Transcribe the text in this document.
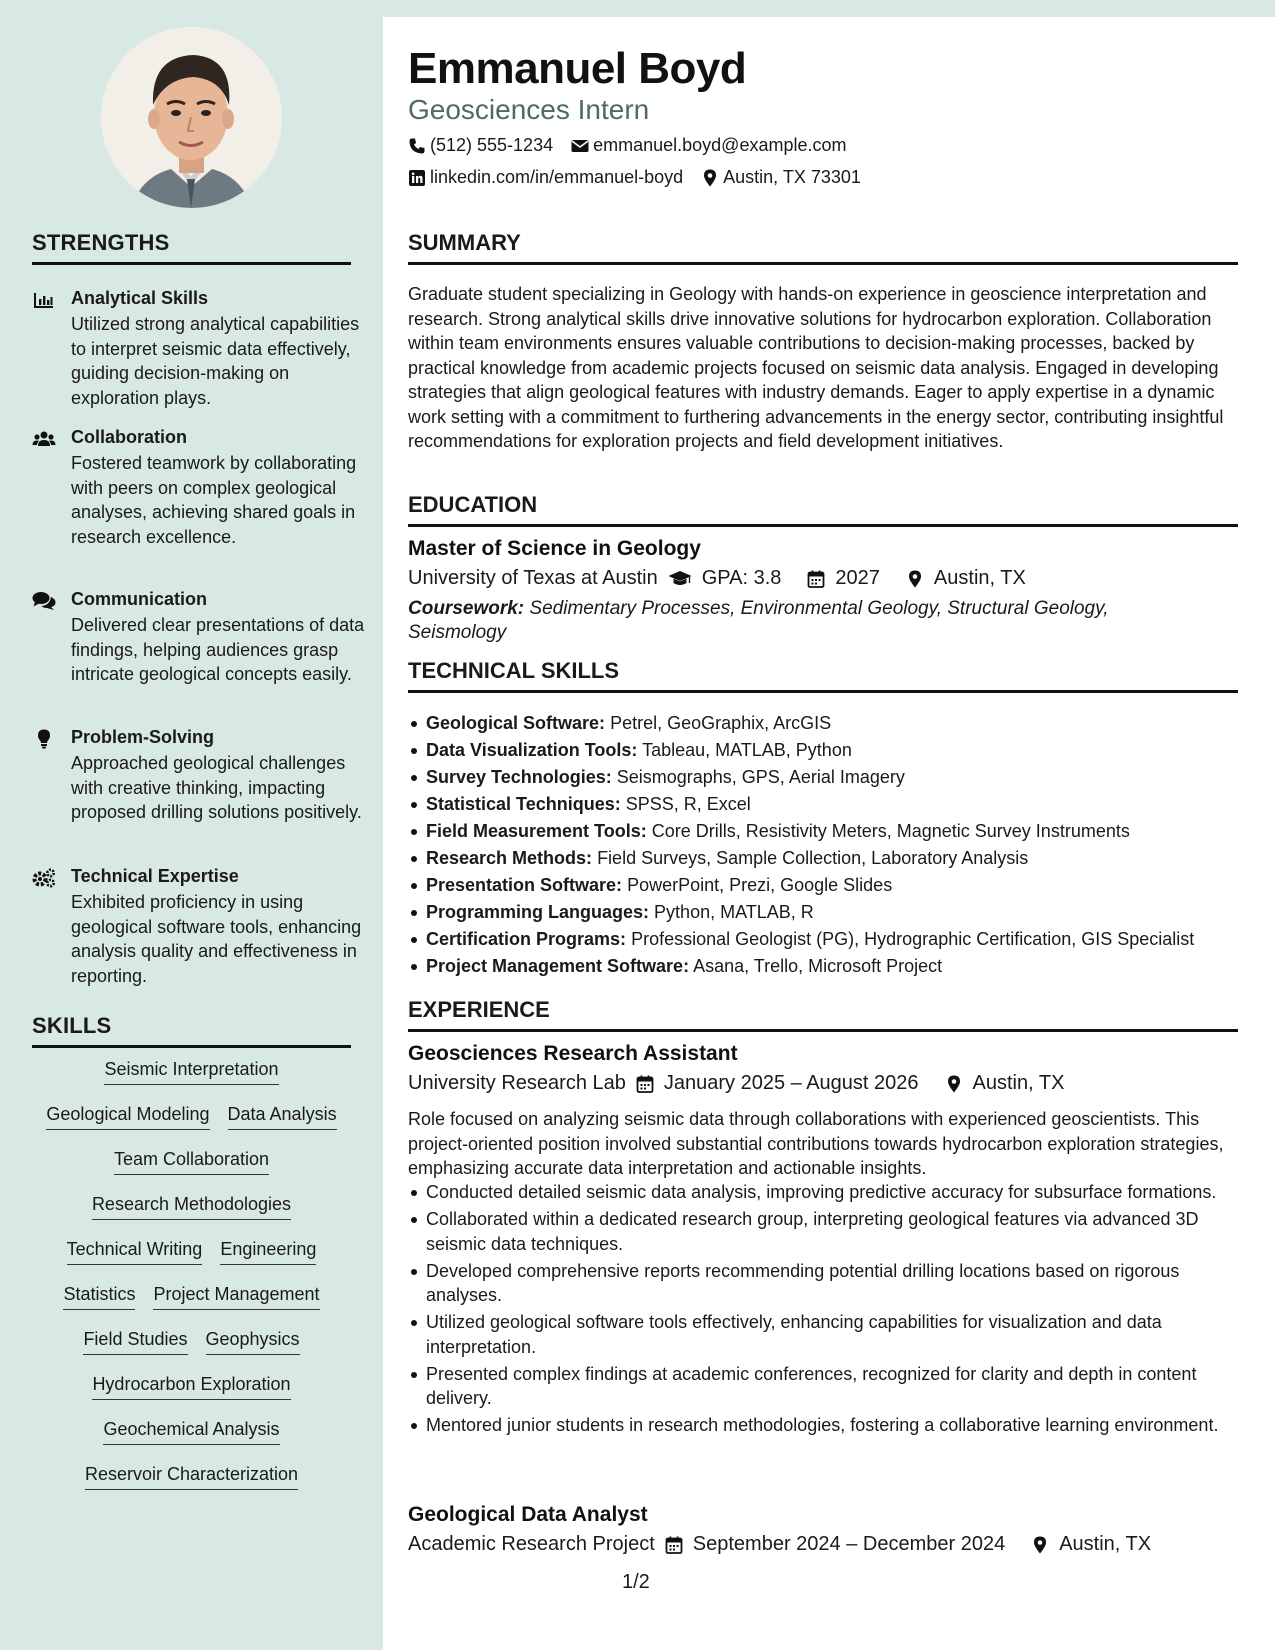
STRENGTHS
Analytical Skills
Utilized strong analytical capabilities to interpret seismic data effectively, guiding decision-making on exploration plays.
Collaboration
Fostered teamwork by collaborating with peers on complex geological analyses, achieving shared goals in research excellence.
Communication
Delivered clear presentations of data findings, helping audiences grasp intricate geological concepts easily.
Problem-Solving
Approached geological challenges with creative thinking, impacting proposed drilling solutions positively.
Technical Expertise
Exhibited proficiency in using geological software tools, enhancing analysis quality and effectiveness in reporting.
SKILLS
Seismic Interpretation
Geological Modeling Data Analysis
Team Collaboration
Research Methodologies
Technical Writing Engineering
Statistics Project Management
Field Studies Geophysics
Hydrocarbon Exploration
Geochemical Analysis
Reservoir Characterization
Emmanuel Boyd
Geosciences Intern
(512) 555-1234 emmanuel.boyd@example.com
linkedin.com/in/emmanuel-boyd Austin, TX 73301
SUMMARY

Graduate student specializing in Geology with hands-on experience in geoscience interpretation and research. Strong analytical skills drive innovative solutions for hydrocarbon exploration. Collaboration within team environments ensures valuable contributions to decision-making processes, backed by practical knowledge from academic projects focused on seismic data analysis. Engaged in developing strategies that align geological features with industry demands. Eager to apply expertise in a dynamic work setting with a commitment to furthering advancements in the energy sector, contributing insightful recommendations for exploration projects and field development initiatives.

EDUCATION
Master of Science in Geology
University of Texas at Austin GPA: 3.8	2027	Austin, TX
Coursework: Sedimentary Processes, Environmental Geology, Structural Geology, Seismology
TECHNICAL SKILLS
Geological Software: Petrel, GeoGraphix, ArcGIS
Data Visualization Tools: Tableau, MATLAB, Python
Survey Technologies: Seismographs, GPS, Aerial Imagery
Statistical Techniques: SPSS, R, Excel
Field Measurement Tools: Core Drills, Resistivity Meters, Magnetic Survey Instruments
Research Methods: Field Surveys, Sample Collection, Laboratory Analysis
Presentation Software: PowerPoint, Prezi, Google Slides
Programming Languages: Python, MATLAB, R
Certification Programs: Professional Geologist (PG), Hydrographic Certification, GIS Specialist
Project Management Software: Asana, Trello, Microsoft Project
EXPERIENCE
Geosciences Research Assistant
University Research Lab January 2025 – August 2026	Austin, TX

Role focused on analyzing seismic data through collaborations with experienced geoscientists. This project-oriented position involved substantial contributions towards hydrocarbon exploration strategies, emphasizing accurate data interpretation and actionable insights.

Conducted detailed seismic data analysis, improving predictive accuracy for subsurface formations.
Collaborated within a dedicated research group, interpreting geological features via advanced 3D seismic data techniques.
Developed comprehensive reports recommending potential drilling locations based on rigorous analyses.
Utilized geological software tools effectively, enhancing capabilities for visualization and data interpretation.
Presented complex findings at academic conferences, recognized for clarity and depth in content delivery.
Mentored junior students in research methodologies, fostering a collaborative learning environment.
Geological Data Analyst
Academic Research Project September 2024 – December 2024	Austin, TX
1/2
